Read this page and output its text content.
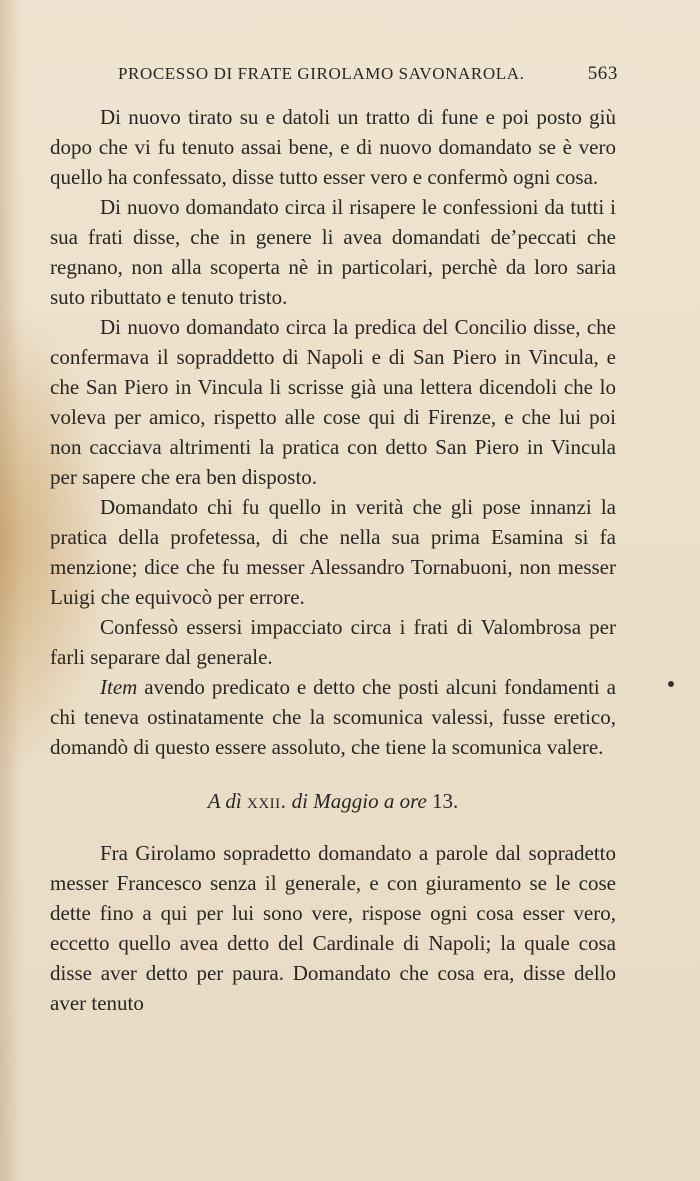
PROCESSO DI FRATE GIROLAMO SAVONAROLA.	563

Di nuovo tirato su e datoli un tratto di fune e poi posto giù dopo che vi fu tenuto assai bene, e di nuovo domandato se è vero quello ha confessato, disse tutto esser vero e confermò ogni cosa.

Di nuovo domandato circa il risapere le confessioni da tutti i sua frati disse, che in genere li avea domandati de’peccati che regnano, non alla scoperta nè in particolari, perchè da loro saria suto ributtato e tenuto tristo.

Di nuovo domandato circa la predica del Concilio disse, che confermava il sopraddetto di Napoli e di San Piero in Vincula, e che San Piero in Vincula li scrisse già una lettera dicendoli che lo voleva per amico, rispetto alle cose qui di Firenze, e che lui poi non cacciava altrimenti la pratica con detto San Piero in Vincula per sapere che era ben disposto.

Domandato chi fu quello in verità che gli pose innanzi la pratica della profetessa, di che nella sua prima Esamina si fa menzione; dice che fu messer Alessandro Tornabuoni, non messer Luigi che equivocò per errore.

Confessò essersi impacciato circa i frati di Valombrosa per farli separare dal generale.

Item avendo predicato e detto che posti alcuni fondamenti a chi teneva ostinatamente che la scomunica valessi, fusse eretico, domandò di questo essere assoluto, che tiene la scomunica valere.

A dì xxii. di Maggio a ore 13.

Fra Girolamo sopradetto domandato a parole dal sopradetto messer Francesco senza il generale, e con giuramento se le cose dette fino a qui per lui sono vere, rispose ogni cosa esser vero, eccetto quello avea detto del Cardinale di Napoli; la quale cosa disse aver detto per paura. Domandato che cosa era, disse dello aver tenuto
